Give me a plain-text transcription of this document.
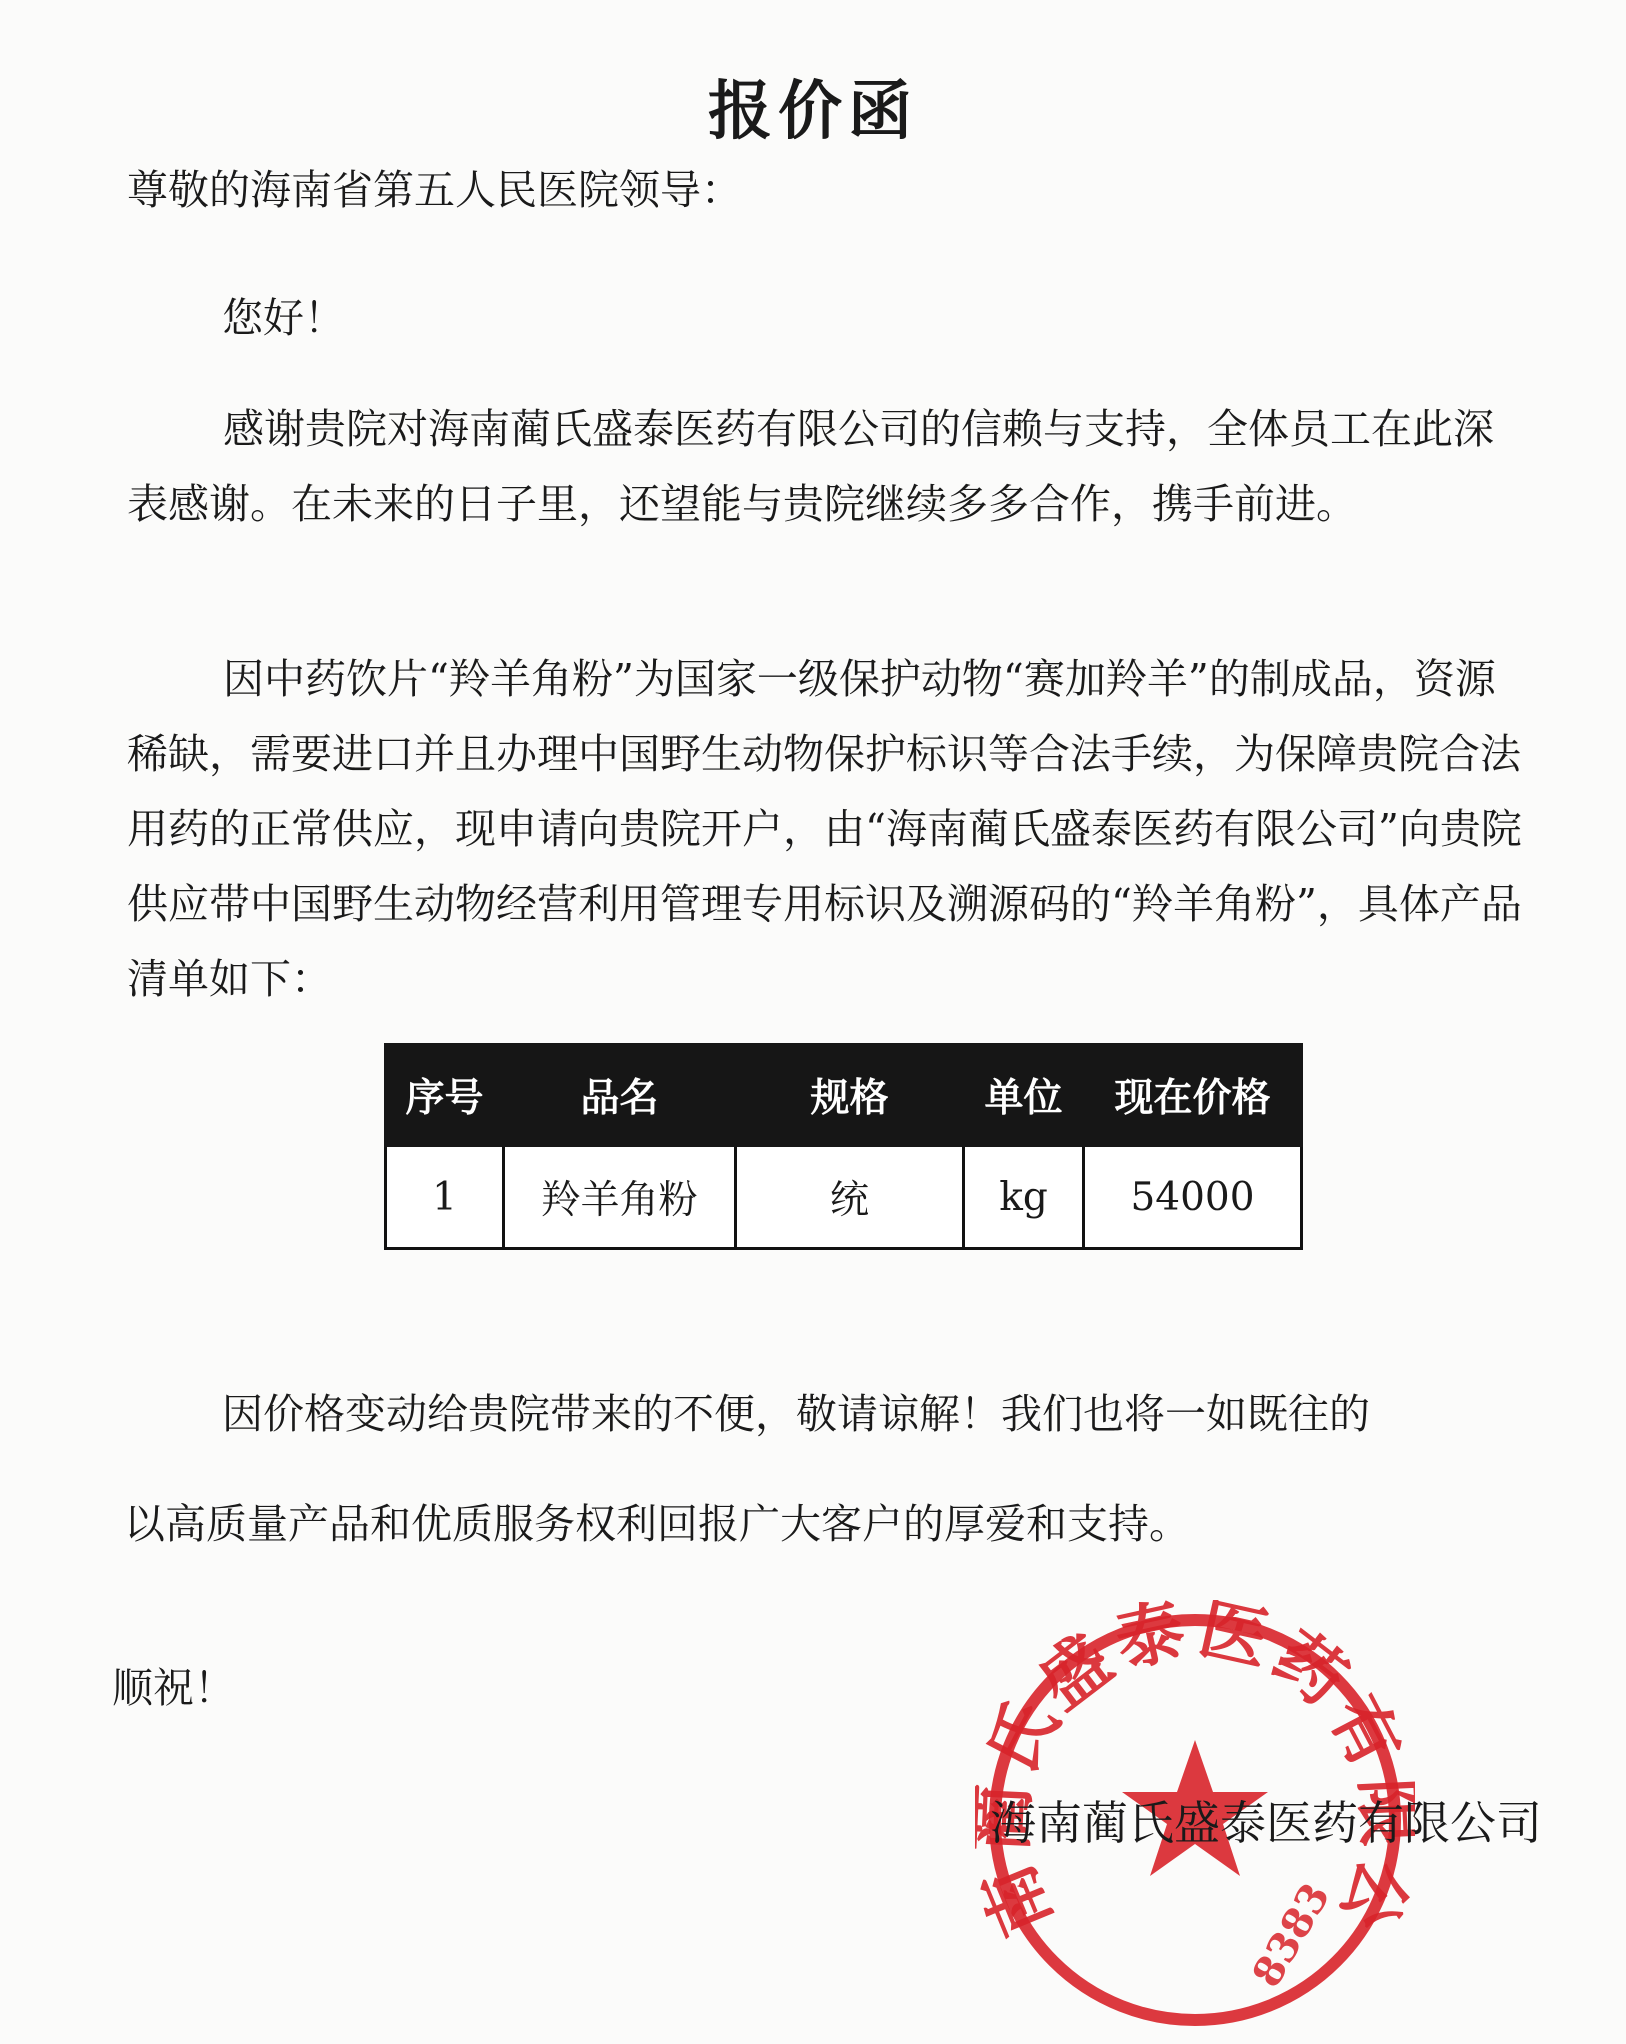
报价函
尊敬的海南省第五人民医院领导：
您好！

感谢贵院对海南蔺氏盛泰医药有限公司的信赖与支持，全体员工在此深表感谢。在未来的日子里，还望能与贵院继续多多合作，携手前进。

因中药饮片“羚羊角粉”为国家一级保护动物“赛加羚羊”的制成品，资源稀缺，需要进口并且办理中国野生动物保护标识等合法手续，为保障贵院合法用药的正常供应，现申请向贵院开户，由“海南蔺氏盛泰医药有限公司”向贵院供应带中国野生动物经营利用管理专用标识及溯源码的“羚羊角粉”，具体产品清单如下：

序号	品名	规格	单位	现在价格
1	羚羊角粉	统	kg	54000
因价格变动给贵院带来的不便，敬请谅解！我们也将一如既往的
以高质量产品和优质服务权利回报广大客户的厚爱和支持。
顺祝！
南 氏盛泰医药有 公
8383
海南蔺氏盛泰医药有限公司
